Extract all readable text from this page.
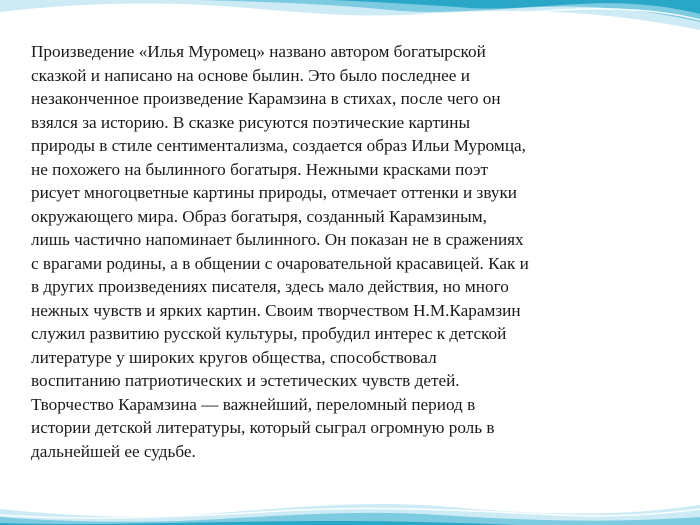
Произведение «Илья Муромец» названо автором богатырской
сказкой и написано на основе былин. Это было последнее и
незаконченное произведение Карамзина в стихах, после чего он
взялся за историю. В сказке рисуются поэтические картины
природы в стиле сентиментализма, создается образ Ильи Муромца,
не похожего на былинного богатыря. Нежными красками поэт
рисует многоцветные картины природы, отмечает оттенки и звуки
окружающего мира. Образ богатыря, созданный Карамзиным,
лишь частично напоминает былинного. Он показан не в сражениях
с врагами родины, а в общении с очаровательной красавицей. Как и
в других произведениях писателя, здесь мало действия, но много
нежных чувств и ярких картин. Своим творчеством Н.М.Карамзин
служил развитию русской культуры, пробудил интерес к детской
литературе у широких кругов общества, способствовал
воспитанию патриотических и эстетических чувств детей.
Творчество Карамзина — важнейший, переломный период в
истории детской литературы, который сыграл огромную роль в
дальнейшей ее судьбе.
